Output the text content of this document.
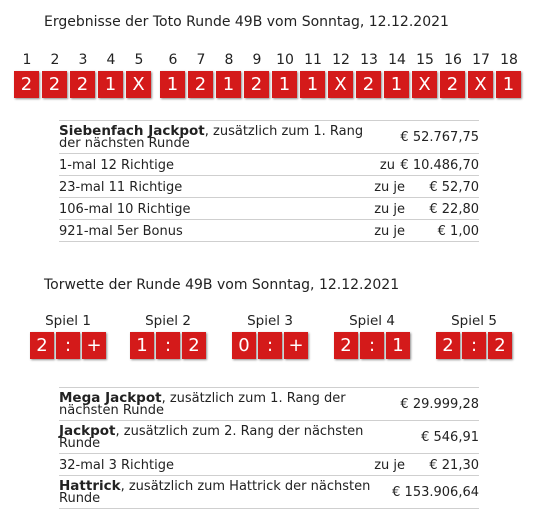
Ergebnisse der Toto Runde 49B vom Sonntag, 12.12.2021
1	2	3	4	5	6	7	8	9	10 11 12 13 14 15 16 17 18
2 2 2 1 X	1 2 1 2 1 1 X 2 1 X 2 X 1
Siebenfach Jackpot, zusätzlich zum 1. Rang der nächsten Runde	€ 52.767,75
1-mal 12 Richtige	zu € 10.486,70
23-mal 11 Richtige	zu je € 52,70
106-mal 10 Richtige	zu je € 22,80
921-mal 5er Bonus	zu je	€ 1,00
Torwette der Runde 49B vom Sonntag, 12.12.2021
Spiel 1
2 : +
Spiel 2
1 : 2
Spiel 3
0 : +
Spiel 4
2 : 1
Spiel 5
2 : 2
Mega Jackpot, zusätzlich zum 1. Rang der nächsten Runde	€ 29.999,28
Jackpot, zusätzlich zum 2. Rang der nächsten Runde	€ 546,91
32-mal 3 Richtige	zu je € 21,30
Hattrick, zusätzlich zum Hattrick der nächsten Runde	€ 153.906,64
